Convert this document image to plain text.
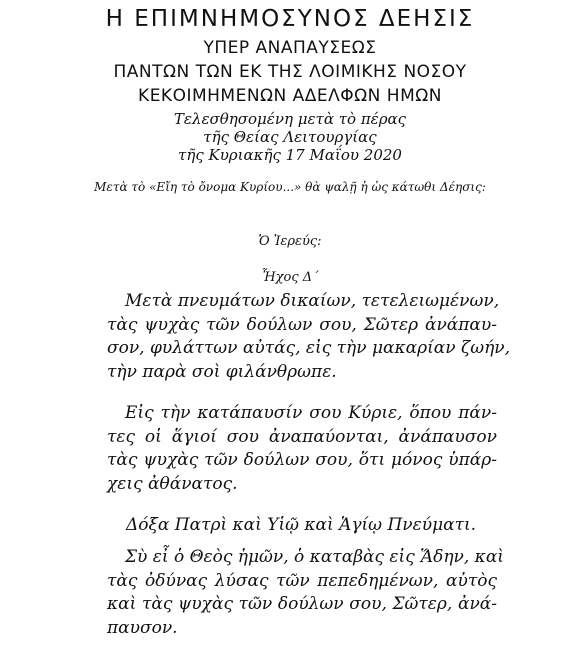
Η ΕΠΙΜΝΗΜΟΣΥΝΟΣ ΔΕΗΣΙΣ

ΥΠΕΡ ΑΝΑΠΑΥΣΕΩΣ

ΠΑΝΤΩΝ ΤΩΝ ΕΚ ΤΗΣ ΛΟΙΜΙΚΗΣ ΝΟΣΟΥ

ΚΕΚΟΙΜΗΜΕΝΩΝ ΑΔΕΛΦΩΝ ΗΜΩΝ

Τελεσθησομένη μετὰ τὸ πέρας

τῆς Θείας Λειτουργίας

τῆς Κυριακῆς 17 Μαΐου 2020

Μετὰ τὸ «Εἴη τὸ ὄνομα Κυρίου...» θὰ ψαλῇ ἡ ὡς κάτωθι Δέησις:

Ὁ Ἱερεύς:

Ἦχος Δ´

Μετὰ πνευμάτων δικαίων, τετελειωμένων,
τὰς ψυχὰς τῶν δούλων σου, Σῶτερ ἀνάπαυ-
σον, φυλάττων αὐτάς, εἰς τὴν μακαρίαν ζωήν,
τὴν παρὰ σοὶ φιλάνθρωπε.
Εἰς τὴν κατάπαυσίν σου Κύριε, ὅπου πάν-
τες οἱ ἅγιοί σου ἀναπαύονται, ἀνάπαυσον
τὰς ψυχὰς τῶν δούλων σου, ὅτι μόνος ὑπάρ-
χεις ἀθάνατος.
Δόξα Πατρὶ καὶ Υἱῷ καὶ Ἁγίῳ Πνεύματι.
Σὺ εἶ ὁ Θεὸς ἡμῶν, ὁ καταβὰς εἰς Ἅδην, καὶ
τὰς ὀδύνας λύσας τῶν πεπεδημένων, αὐτὸς
καὶ τὰς ψυχὰς τῶν δούλων σου, Σῶτερ, ἀνά-
παυσον.
